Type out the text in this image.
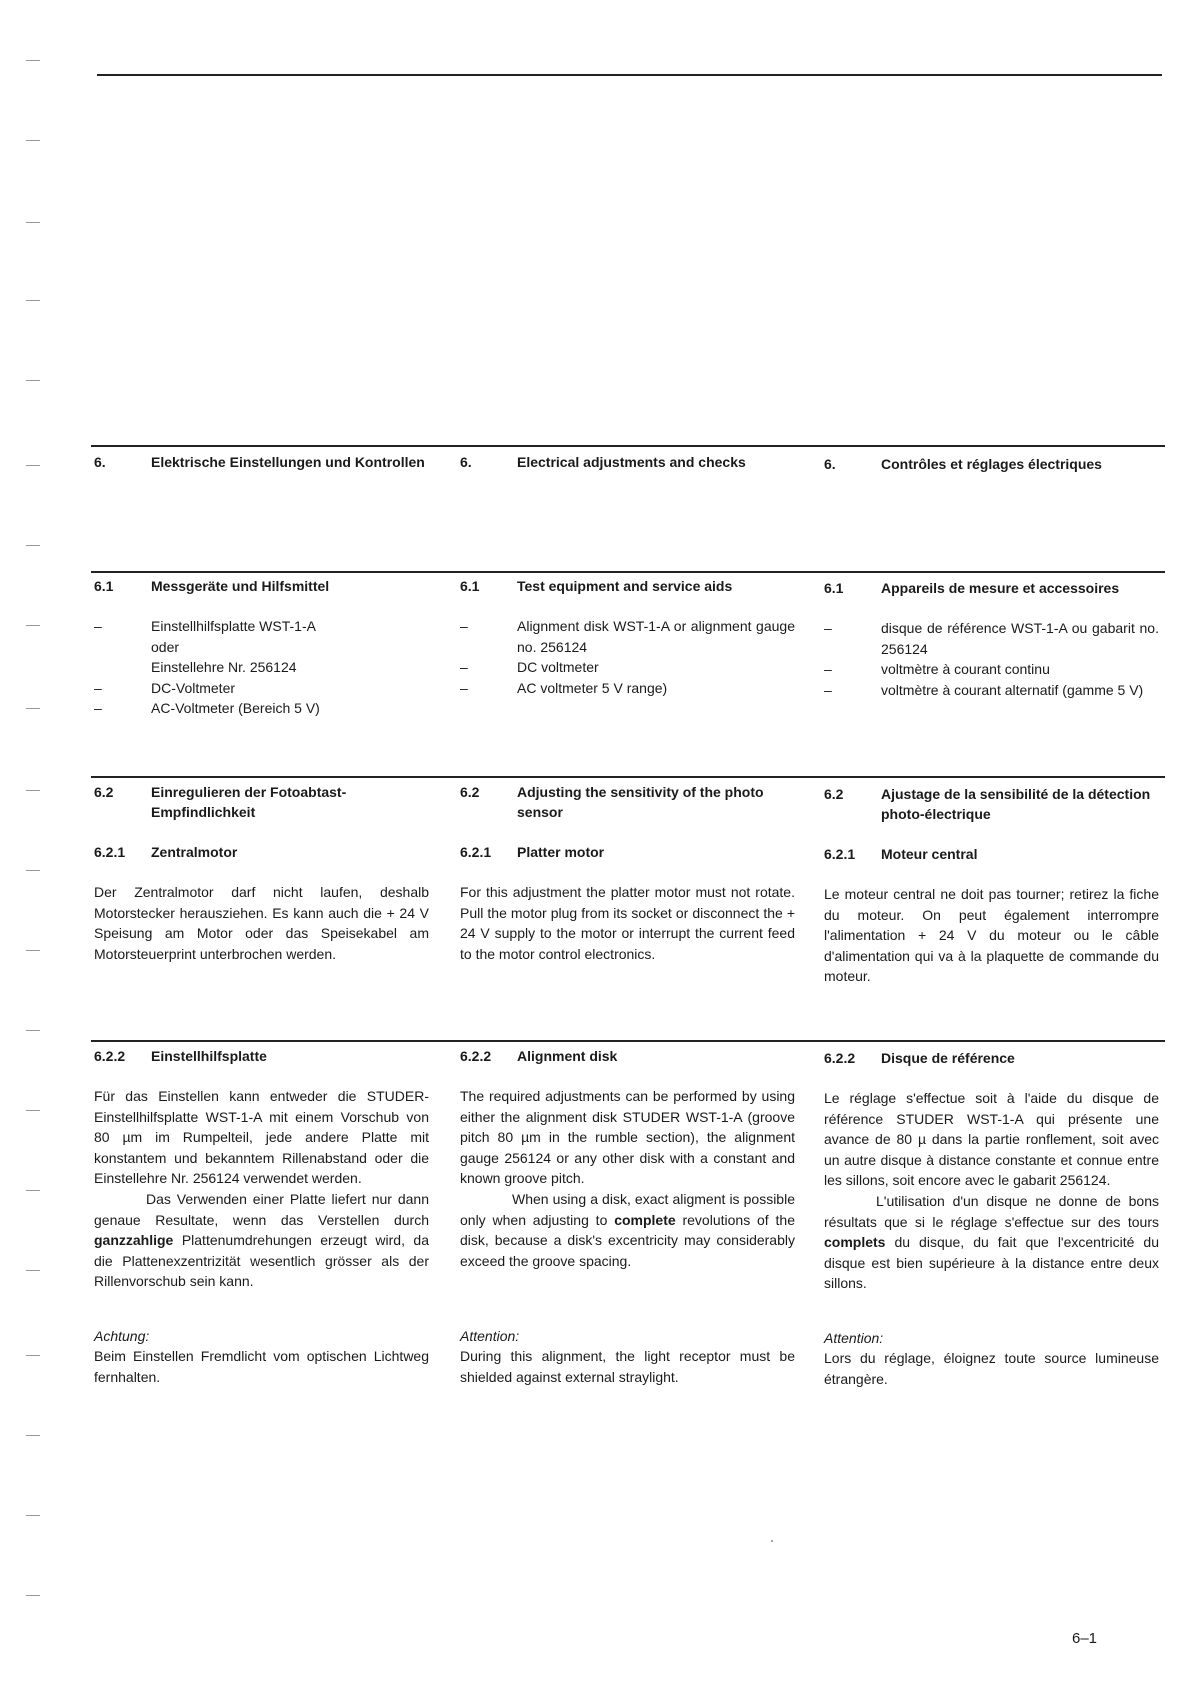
6.	Elektrische Einstellungen und Kontrollen	6.	Electrical adjustments and checks	6.	Contrôles et réglages électriques
6.1	Messgeräte und Hilfsmittel
–	Einstellhilfsplatte WST-1-A
oder
Einstellehre Nr. 256124
–	DC-Voltmeter
–	AC-Voltmeter (Bereich 5 V)
6.1	Test equipment and service aids
–	Alignment disk WST-1-A or alignment gauge no. 256124
–	DC voltmeter
–	AC voltmeter 5 V range)
6.1	Appareils de mesure et accessoires
–	disque de référence WST-1-A ou gabarit no. 256124
–	voltmètre à courant continu
–	voltmètre à courant alternatif (gamme 5 V)
6.2	Einregulieren der Fotoabtast-Empfindlichkeit
6.2.1	Zentralmotor

Der Zentralmotor darf nicht laufen, deshalb Motorstecker herausziehen. Es kann auch die + 24 V Speisung am Motor oder das Speisekabel am Motorsteuerprint unterbrochen werden.

6.2	Adjusting the sensitivity of the photo sensor
6.2.1	Platter motor

For this adjustment the platter motor must not rotate. Pull the motor plug from its socket or disconnect the + 24 V supply to the motor or interrupt the current feed to the motor control electronics.

6.2	Ajustage de la sensibilité de la détection photo-électrique
6.2.1	Moteur central

Le moteur central ne doit pas tourner; retirez la fiche du moteur. On peut également interrompre l'alimentation + 24 V du moteur ou le câble d'alimentation qui va à la plaquette de commande du moteur.

6.2.2	Einstellhilfsplatte

Für das Einstellen kann entweder die STUDER-Einstellhilfsplatte WST-1-A mit einem Vorschub von 80 µm im Rumpelteil, jede andere Platte mit konstantem und bekanntem Rillenabstand oder die Einstellehre Nr. 256124 verwendet werden.

Das Verwenden einer Platte liefert nur dann genaue Resultate, wenn das Verstellen durch ganzzahlige Plattenumdrehungen erzeugt wird, da die Plattenexzentrizität wesentlich grösser als der Rillenvorschub sein kann.

Achtung:
Beim Einstellen Fremdlicht vom optischen Lichtweg fernhalten.
6.2.2	Alignment disk

The required adjustments can be performed by using either the alignment disk STUDER WST-1-A (groove pitch 80 µm in the rumble section), the alignment gauge 256124 or any other disk with a constant and known groove pitch.

When using a disk, exact aligment is possible only when adjusting to complete revolutions of the disk, because a disk's excentricity may considerably exceed the groove spacing.

Attention:
During this alignment, the light receptor must be shielded against external straylight.
6.2.2	Disque de référence

Le réglage s'effectue soit à l'aide du disque de référence STUDER WST-1-A qui présente une avance de 80 µ dans la partie ronflement, soit avec un autre disque à distance constante et connue entre les sillons, soit encore avec le gabarit 256124.

L'utilisation d'un disque ne donne de bons résultats que si le réglage s'effectue sur des tours complets du disque, du fait que l'excentricité du disque est bien supérieure à la distance entre deux sillons.

Attention:
Lors du réglage, éloignez toute source lumineuse étrangère.
6–1
